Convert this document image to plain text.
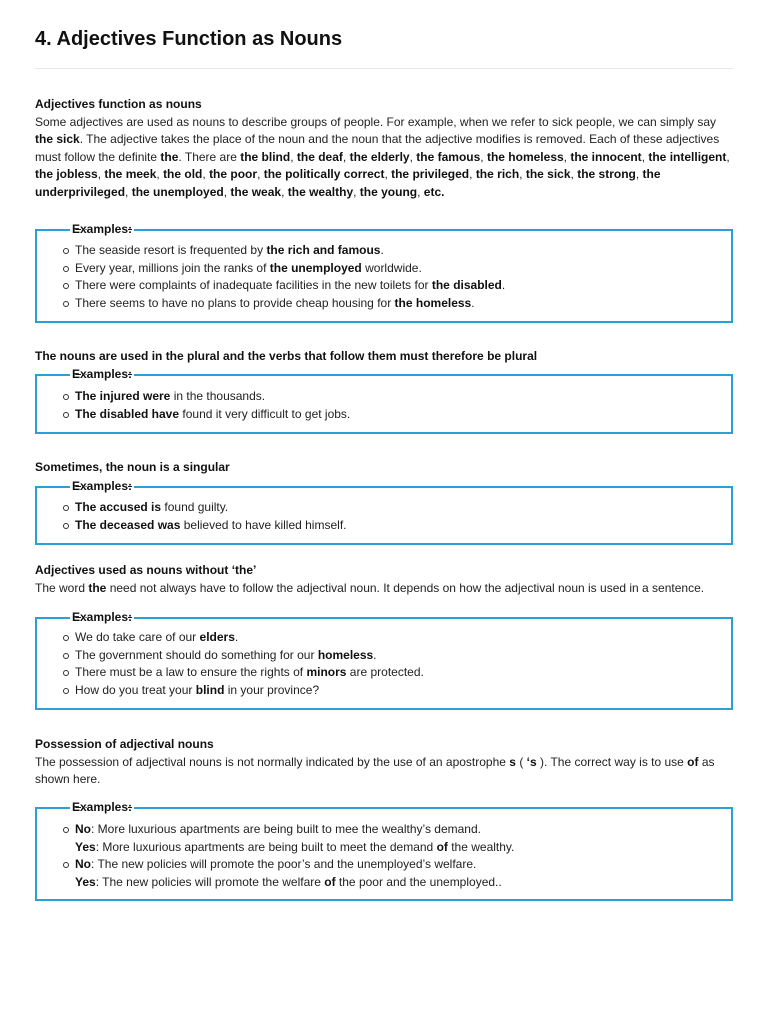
4. Adjectives Function as Nouns
Adjectives function as nouns
Some adjectives are used as nouns to describe groups of people. For example, when we refer to sick people, we can simply say the sick. The adjective takes the place of the noun and the noun that the adjective modifies is removed. Each of these adjectives must follow the definite the. There are the blind, the deaf, the elderly, the famous, the homeless, the innocent, the intelligent, the jobless, the meek, the old, the poor, the politically correct, the privileged, the rich, the sick, the strong, the underprivileged, the unemployed, the weak, the wealthy, the young, etc.
Examples:
The seaside resort is frequented by the rich and famous.
Every year, millions join the ranks of the unemployed worldwide.
There were complaints of inadequate facilities in the new toilets for the disabled.
There seems to have no plans to provide cheap housing for the homeless.
The nouns are used in the plural and the verbs that follow them must therefore be plural
Examples:
The injured were in the thousands.
The disabled have found it very difficult to get jobs.
Sometimes, the noun is a singular
Examples:
The accused is found guilty.
The deceased was believed to have killed himself.
Adjectives used as nouns without ‘the’
The word the need not always have to follow the adjectival noun. It depends on how the adjectival noun is used in a sentence.
Examples:
We do take care of our elders.
The government should do something for our homeless.
There must be a law to ensure the rights of minors are protected.
How do you treat your blind in your province?
Possession of adjectival nouns
The possession of adjectival nouns is not normally indicated by the use of an apostrophe s ( ‘s ). The correct way is to use of as shown here.
Examples:
No: More luxurious apartments are being built to mee the wealthy’s demand.
Yes: More luxurious apartments are being built to meet the demand of the wealthy.
No: The new policies will promote the poor’s and the unemployed’s welfare.
Yes: The new policies will promote the welfare of the poor and the unemployed..
